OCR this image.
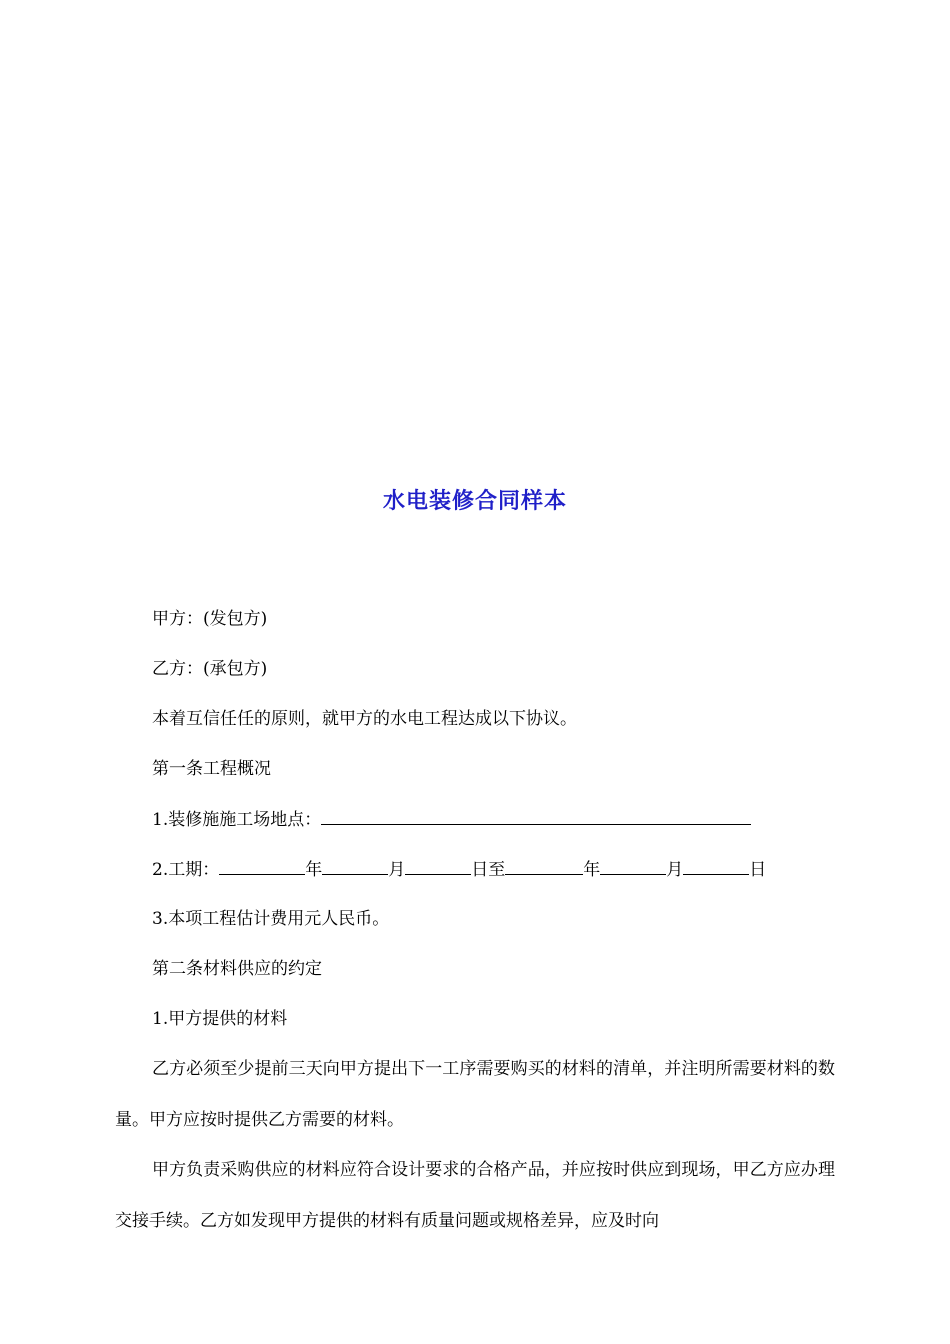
水电装修合同样本
甲方：(发包方)
乙方：(承包方)
本着互信任任的原则，就甲方的水电工程达成以下协议。
第一条工程概况
1.装修施施工场地点：
2.工期：	年	月	日至	年	月	日
3.本项工程估计费用元人民币。
第二条材料供应的约定
1.甲方提供的材料
乙方必须至少提前三天向甲方提出下一工序需要购买的材料的清单，并注明所需要材料的数量。甲方应按时提供乙方需要的材料。
甲方负责采购供应的材料应符合设计要求的合格产品，并应按时供应到现场，甲乙方应办理交接手续。乙方如发现甲方提供的材料有质量问题或规格差异，应及时向
